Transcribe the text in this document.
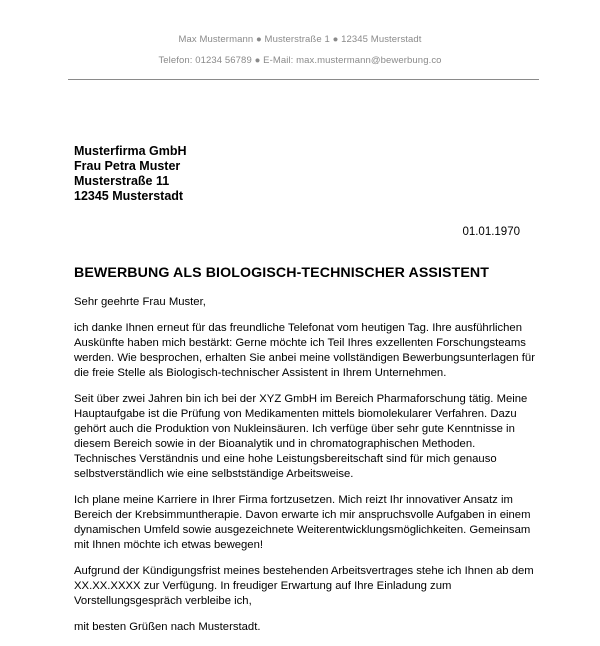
Max Mustermann ● Musterstraße 1 ● 12345 Musterstadt
Telefon: 01234 56789 ● E-Mail: max.mustermann@bewerbung.co
Musterfirma GmbH
Frau Petra Muster
Musterstraße 11
12345 Musterstadt
01.01.1970
BEWERBUNG ALS BIOLOGISCH-TECHNISCHER ASSISTENT

Sehr geehrte Frau Muster,

ich danke Ihnen erneut für das freundliche Telefonat vom heutigen Tag. Ihre ausführlichen
Auskünfte haben mich bestärkt: Gerne möchte ich Teil Ihres exzellenten Forschungsteams
werden. Wie besprochen, erhalten Sie anbei meine vollständigen Bewerbungsunterlagen für
die freie Stelle als Biologisch-technischer Assistent in Ihrem Unternehmen.

Seit über zwei Jahren bin ich bei der XYZ GmbH im Bereich Pharmaforschung tätig. Meine
Hauptaufgabe ist die Prüfung von Medikamenten mittels biomolekularer Verfahren. Dazu
gehört auch die Produktion von Nukleinsäuren. Ich verfüge über sehr gute Kenntnisse in
diesem Bereich sowie in der Bioanalytik und in chromatographischen Methoden.
Technisches Verständnis und eine hohe Leistungsbereitschaft sind für mich genauso
selbstverständlich wie eine selbstständige Arbeitsweise.

Ich plane meine Karriere in Ihrer Firma fortzusetzen. Mich reizt Ihr innovativer Ansatz im
Bereich der Krebsimmuntherapie. Davon erwarte ich mir anspruchsvolle Aufgaben in einem
dynamischen Umfeld sowie ausgezeichnete Weiterentwicklungsmöglichkeiten. Gemeinsam
mit Ihnen möchte ich etwas bewegen!

Aufgrund der Kündigungsfrist meines bestehenden Arbeitsvertrages stehe ich Ihnen ab dem
XX.XX.XXXX zur Verfügung. In freudiger Erwartung auf Ihre Einladung zum
Vorstellungsgespräch verbleibe ich,

mit besten Grüßen nach Musterstadt.
